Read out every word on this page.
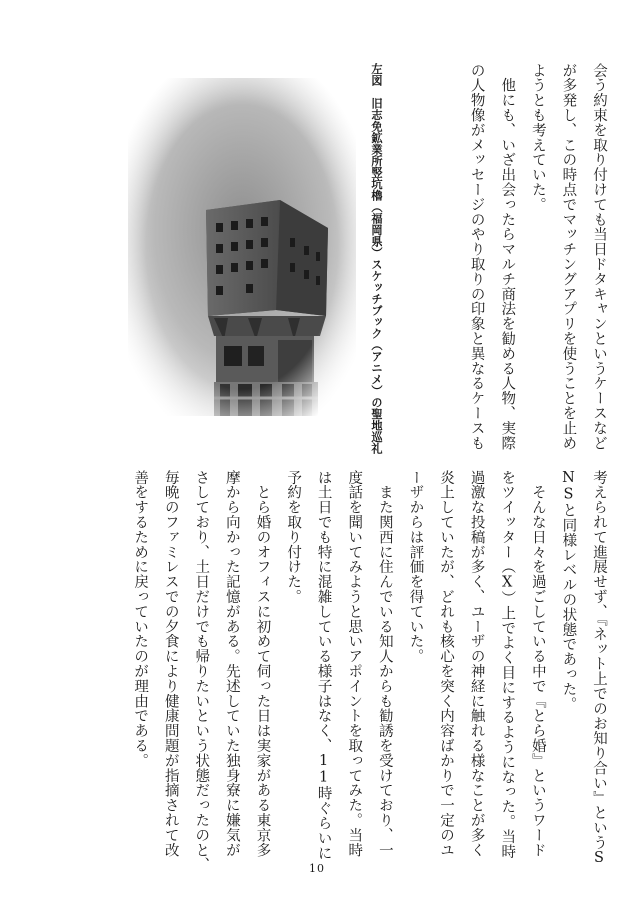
会う約束を取り付けても当日ドタキャンというケースなど

が多発し、この時点でマッチングアプリを使うことを止め

ようとも考えていた。

　他にも、いざ出会ったらマルチ商法を勧める人物、実際

の人物像がメッセージのやり取りの印象と異なるケースも

左図　旧志免鉱業所竪坑櫓（福岡県）スケッチブック（アニメ）の聖地巡礼

考えられて進展せず、『ネット上でのお知り合い』というS

NSと同様レベルの状態であった。

　そんな日々を過ごしている中で『とら婚』というワード

をツイッター（X）上でよく目にするようになった。当時

過激な投稿が多く、ユーザの神経に触れる様なことが多く

炎上していたが、どれも核心を突く内容ばかりで一定のユ

ーザからは評価を得ていた。

　また関西に住んでいる知人からも勧誘を受けており、一

度話を聞いてみようと思いアポイントを取ってみた。当時

は土日でも特に混雑している様子はなく、11時ぐらいに

予約を取り付けた。

　とら婚のオフィスに初めて伺った日は実家がある東京多

摩から向かった記憶がある。先述していた独身寮に嫌気が

さしており、土日だけでも帰りたいという状態だったのと、

毎晩のファミレスでの夕食により健康問題が指摘されて改

善をするために戻っていたのが理由である。

10
